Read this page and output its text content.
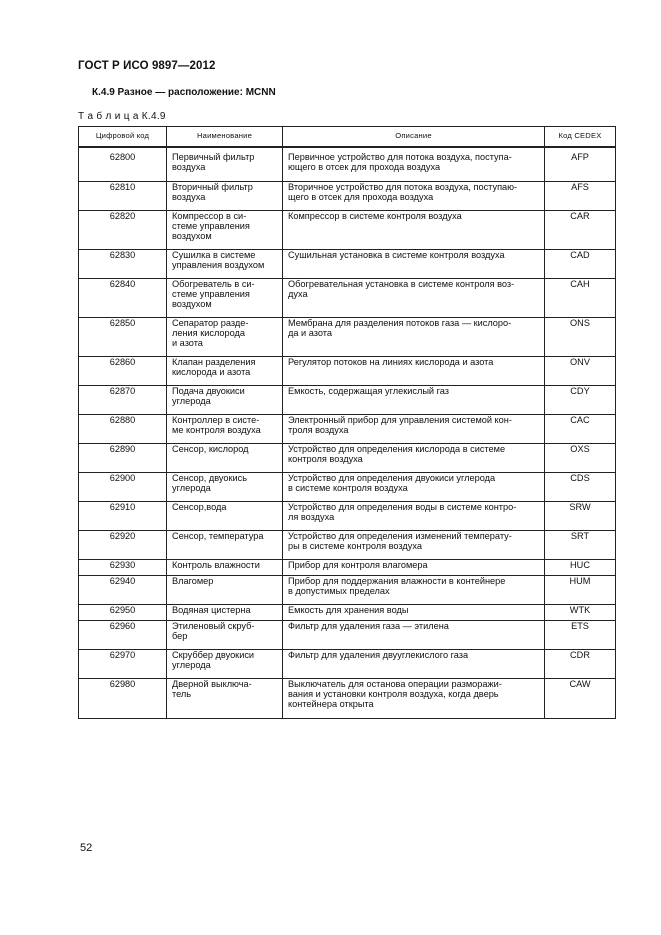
ГОСТ Р ИСО 9897—2012
К.4.9 Разное — расположение: MCNN
Т а б л и ц а К.4.9
Цифровой код	Наименование	Описание	Код CEDEX

62800	Первичный фильтр
воздуха	Первичное устройство для потока воздуха, поступа-
ющего в отсек для прохода воздуха	AFP

62810	Вторичный фильтр
воздуха	Вторичное устройство для потока воздуха, поступаю-
щего в отсек для прохода воздуха	AFS

62820	Компрессор в си-
стеме управления
воздухом	Компрессор в системе контроля воздуха	CAR

62830	Сушилка в системе
управления воздухом	Сушильная установка в системе контроля воздуха	CAD

62840	Обогреватель в си-
стеме управления
воздухом	Обогревательная установка в системе контроля воз-
духа	CAH

62850	Сепаратор разде-
ления кислорода
и азота	Мембрана для разделения потоков газа — кислоро-
да и азота	ONS

62860	Клапан разделения
кислорода и азота	Регулятор потоков на линиях кислорода и азота	ONV

62870	Подача двуокиси
углерода	Емкость, содержащая углекислый газ	CDY

62880	Контроллер в систе-
ме контроля воздуха	Электронный прибор для управления системой кон-
троля воздуха	CAC

62890	Сенсор, кислород	Устройство для определения кислорода в системе
контроля воздуха	OXS

62900	Сенсор, двуокись
углерода	Устройство для определения двуокиси углерода
в системе контроля воздуха	CDS

62910	Сенсор,вода	Устройство для определения воды в системе контро-
ля воздуха	SRW

62920	Сенсор, температура	Устройство для определения изменений температу-
ры в системе контроля воздуха	SRT

62930	Контроль влажности	Прибор для контроля влагомера	HUC

62940	Влагомер	Прибор для поддержания влажности в контейнере
в допустимых пределах	HUM

62950	Водяная цистерна	Емкость для хранения воды	WTK

62960	Этиленовый скруб-
бер	Фильтр для удаления газа — этилена	ETS

62970	Скруббер двуокиси
углерода	Фильтр для удаления двууглекислого газа	CDR

62980	Дверной выключа-
тель	Выключатель для останова операции разморажи-
вания и установки контроля воздуха, когда дверь
контейнера открыта	CAW
52
